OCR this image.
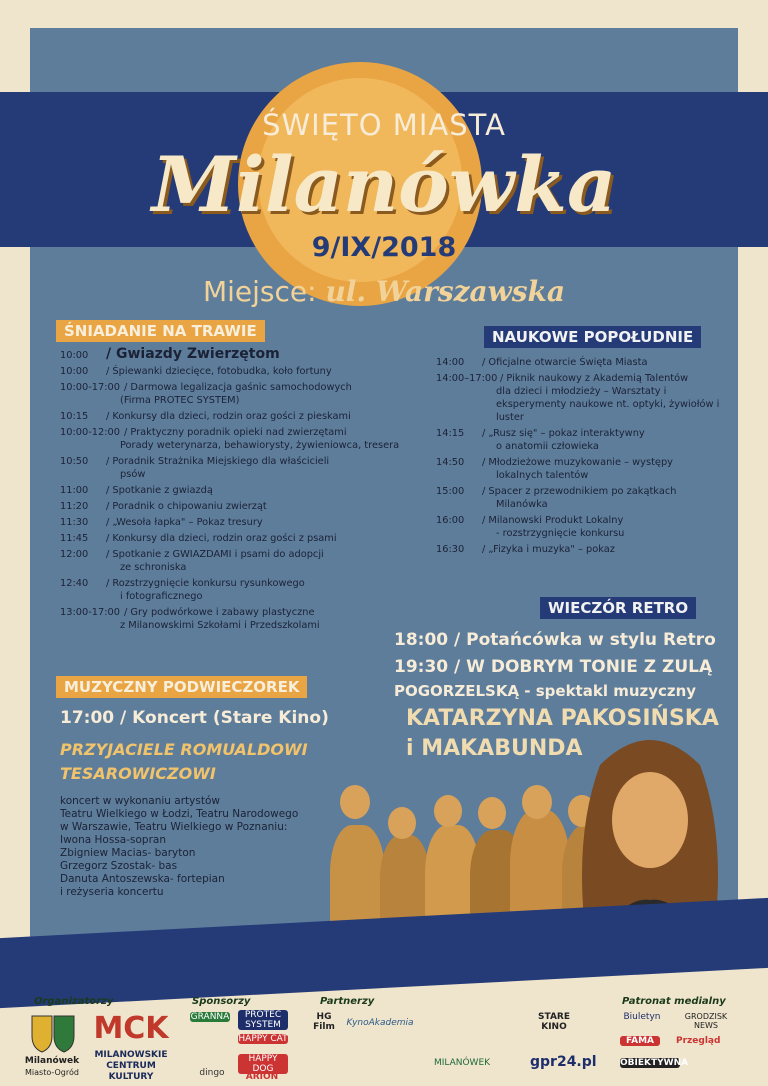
ŚWIĘTO MIASTA
Milanówka
9/IX/2018
Miejsce: ul. Warszawska
ŚNIADANIE NA TRAWIE
10:00 / Gwiazdy Zwierzętom
10:00 / Śpiewanki dziecięce, fotobudka, koło fortuny
10:00-17:00 / Darmowa legalizacja gaśnic samochodowych
(Firma PROTEC SYSTEM)
10:15 / Konkursy dla dzieci, rodzin oraz gości z pieskami
10:00-12:00 / Praktyczny poradnik opieki nad zwierzętami
Porady weterynarza, behawiorysty, żywieniowca, tresera
10:50 / Poradnik Strażnika Miejskiego dla właścicieli
psów
11:00 / Spotkanie z gwiazdą
11:20 / Poradnik o chipowaniu zwierząt
11:30 / „Wesoła łapka" – Pokaz tresury
11:45 / Konkursy dla dzieci, rodzin oraz gości z psami
12:00 / Spotkanie z GWIAZDAMI i psami do adopcji
ze schroniska
12:40 / Rozstrzygnięcie konkursu rysunkowego
i fotograficznego
13:00-17:00 / Gry podwórkowe i zabawy plastyczne
z Milanowskimi Szkołami i Przedszkolami
NAUKOWE POPOŁUDNIE
14:00 / Oficjalne otwarcie Święta Miasta
14:00–17:00 / Piknik naukowy z Akademią Talentów
dla dzieci i młodzieży – Warsztaty i eksperymenty naukowe nt. optyki, żywiołów i luster
14:15 / „Rusz się" – pokaz interaktywny
o anatomii człowieka
14:50 / Młodzieżowe muzykowanie – występy
lokalnych talentów
15:00 / Spacer z przewodnikiem po zakątkach
Milanówka
16:00 / Milanowski Produkt Lokalny
- rozstrzygnięcie konkursu
16:30 / „Fizyka i muzyka" – pokaz
WIECZÓR RETRO
18:00 / Potańcówka w stylu Retro
19:30 / W DOBRYM TONIE Z ZULĄ
POGORZELSKĄ - spektakl muzyczny
KATARZYNA PAKOSIŃSKA
i MAKABUNDA
MUZYCZNY PODWIECZOREK
17:00 / Koncert (Stare Kino)
PRZYJACIELE ROMUALDOWI
TESAROWICZOWI
koncert w wykonaniu artystów
Teatru Wielkiego w Łodzi, Teatru Narodowego
w Warszawie, Teatru Wielkiego w Poznaniu:
Iwona Hossa-sopran
Zbigniew Macias- baryton
Grzegorz Szostak- bas
Danuta Antoszewska- fortepian
i reżyseria koncertu
Organizatorzy	Sponsorzy	Partnerzy	Patronat medialny
Milanówek
Miasto-Ogród
MCK
MILANOWSKIE
CENTRUM
KULTURY
GRANNA	PROTEC SYSTEM
HAPPY CAT
HAPPY DOG
dingo	ARION
HG Film	KynoAkademia
STARE KINO
gpr24.pl
MILANÓWEK
Biuletyn	GRODZISK NEWS
FAMA	Przegląd
OBIEKTYWNA
